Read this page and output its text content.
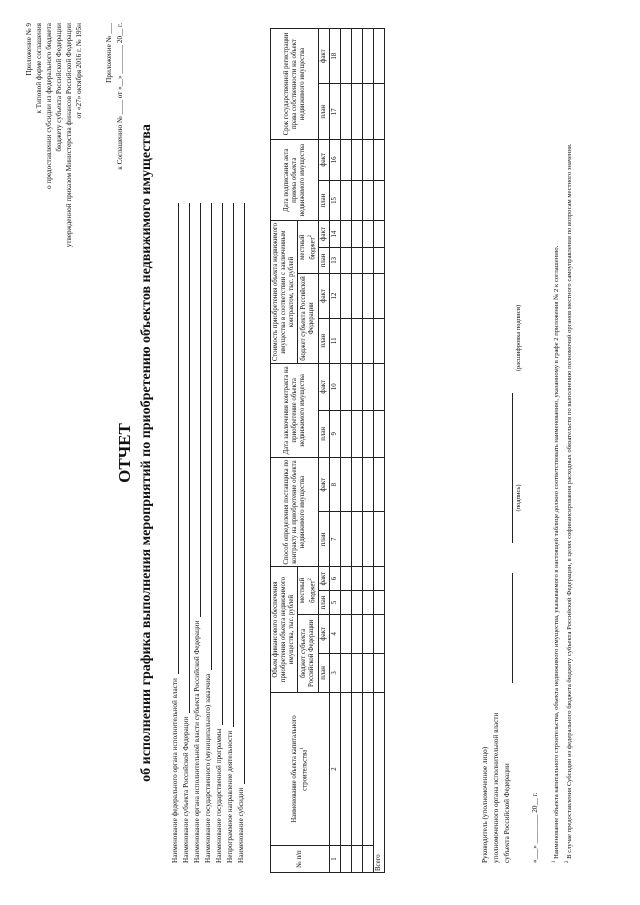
Приложение № 9 к Типовой форме соглашения о предоставлении субсидии из федерального бюджета бюджету субъекта Российской Федерации утвержденной приказом Министерства финансов Российской Федерации от «27» октября 2016 г. № 195н	Приложение № ___ к Соглашению № ____ от «__» ________ 20__ г.
ОТЧЕТ об исполнении графика выполнения мероприятий по приобретению объектов недвижимого имущества Наименование федерального органа исполнительной власти Наименование субъекта Российской Федерации Наименование органа исполнительной власти субъекта Российской Федерации Наименование государственного (муниципального) заказчика Наименование государственной программы Непрограммное направление деятельности Наименование субсидии	№ п/п	Наименование объекта капитального строительства$^1$	Объем финансового обеспечения приобретения объекта недвижимого имущества, тыс. рублей				Способ определения поставщика по контракту на приобретение объекта недвижимого имущества		Дата заключения контракта на приобретение объекта недвижимого имущества		Стоимость приобретения объекта недвижимого имущества в соответствии с заключенным контрактом, тыс. рублей				Дата подписания акта приема объекта недвижимого имущества		Срок государственной регистрации права собственности на объект недвижимого имущества	
		бюджет субъекта Российской Федерации		местный бюджет$^2$						бюджет субъекта Российской Федерации		местный бюджет$^2$

		план	факт	план	факт	план	факт	план	факт	план	факт	план	факт	план	факт	план	факт
1	2	3	4	5	6	7	8	9	10	11	12	13	14	15	16	17	18

Всего																		Руководитель (уполномоченное лицо) уполномоченного органа исполнительной власти субъекта Российской Федерации
(подпись)
(расшифровка подписи)
«___» ________ 20__ г.	$^1$ Наименование объекта капитального строительства, объекта недвижимого имущества, указываемого в настоящей таблице должно соответствовать наименованию, указанному в графе 2 приложения № 2 к соглашению.

$^2$ В случае предоставления Субсидии из федерального бюджета бюджету субъекта Российской Федерации, в целях софинансирования расходных обязательств по выполнению полномочий органов местного самоуправления по вопросам местного значения.
